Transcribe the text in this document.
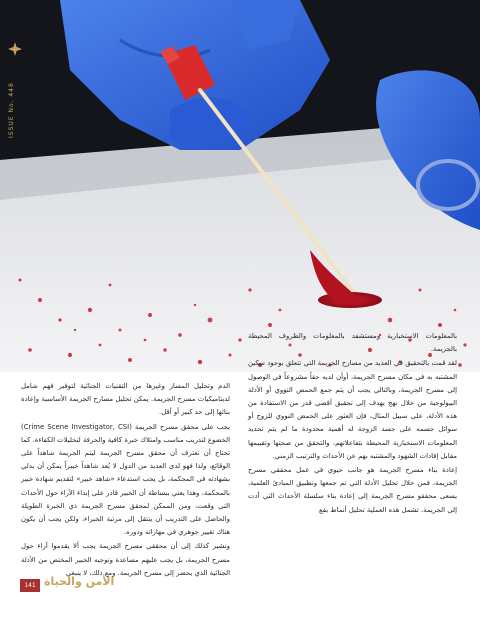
ISSUE No. 448

بالمعلومات الاستخبارية ومستشفد بالمعلومات والظروف المحيطة بالجريمة.

لقد قمت بالتحقيق في العديد من مسارح الجريمة التي تتعلق بوجود سكين المشتبه به في مكان مسرح الجريمة، أوأن لديه حقاً مشروعاً في الوصول إلى مسرح الجريمة، وبالتالي يجب أن يتم جمع الحمض النووي أو الأدلة البيولوجية من خلال نهج يهدف إلى تحقيق أقصى قدر من الاستفادة من هذه الأدلة، على سبيل المثال، فإن العثور على الحمض النووي للزوج أو سوائل جسمه على جسد الزوجة له أهمية محدودة ما لم يتم تحديد المعلومات الاستخبارية المحيطة بتفاعلاتهم، والتحقق من صحتها وتقييمها مقابل إفادات الشهود والمشتبه بهم عن الأحداث والترتيب الزمني.

إعادة بناء مسرح الجريمة هو جانب حيوي في عمل محققي مسرح الجريمة، فمن خلال تحليل الأدلة التي تم جمعها وتطبيق المبادئ العلمية، يسعى محققو مسرح الجريمة إلى إعادة بناء سلسلة الأحداث التي أدت إلى الجريمة. تشمل هذه العملية تحليل أنماط بقع

الدم وتحليل المسار وغيرها من التقنيات الجنائية لتوفير فهم شامل لديناميكيات مسرح الجريمة. يمكن تحليل مسارح الجريمة الأساسية وإعادة بنائها إلى حد كبير أو أقل.

يجب على محقق مسرح الجريمة (Crime Scene Investigator, CSI) الخضوع لتدريب مناسب وامتلاك خبرة كافية والحرفة لتخليلات الكفاءة. كما تحتاج أن تعترف أن محقق مسرح الجريمة ليتم الجريمة شاهداً على الوقائع، ولذا فهو لدى العديد من الدول لا يُعد شاهداً خبيراً يمكن أن يدلي بشهادته في المحكمة، بل يجب استدعاء «شاهد خبير» لتقديم شهادة خبير بالمحكمة، وهذا يعني ببساطة أن الخبير قادر على إبداء الآراء حول الأحداث التي وقعت، ومن الممكن لمحقق مسرح الجريمة ذي الخبرة الطويلة والحاصل على التدريب أن ينتقل إلى مرتبة الخبراء، ولكن يجب أن يكون هناك تغيير جوهري في مهاراته ودوره.

ونشير كذلك إلى أن محققي مسرح الجريمة يجب ألا يقدموا آراء حول مسرح الجريمة، بل يجب عليهم مساعدة وتوجيه الخبير المختص من الأدلة الجنائية الذي يحضر إلى مسرح الجريمة. ومع ذلك، لا ينبغي

141 الأمن والحياة
